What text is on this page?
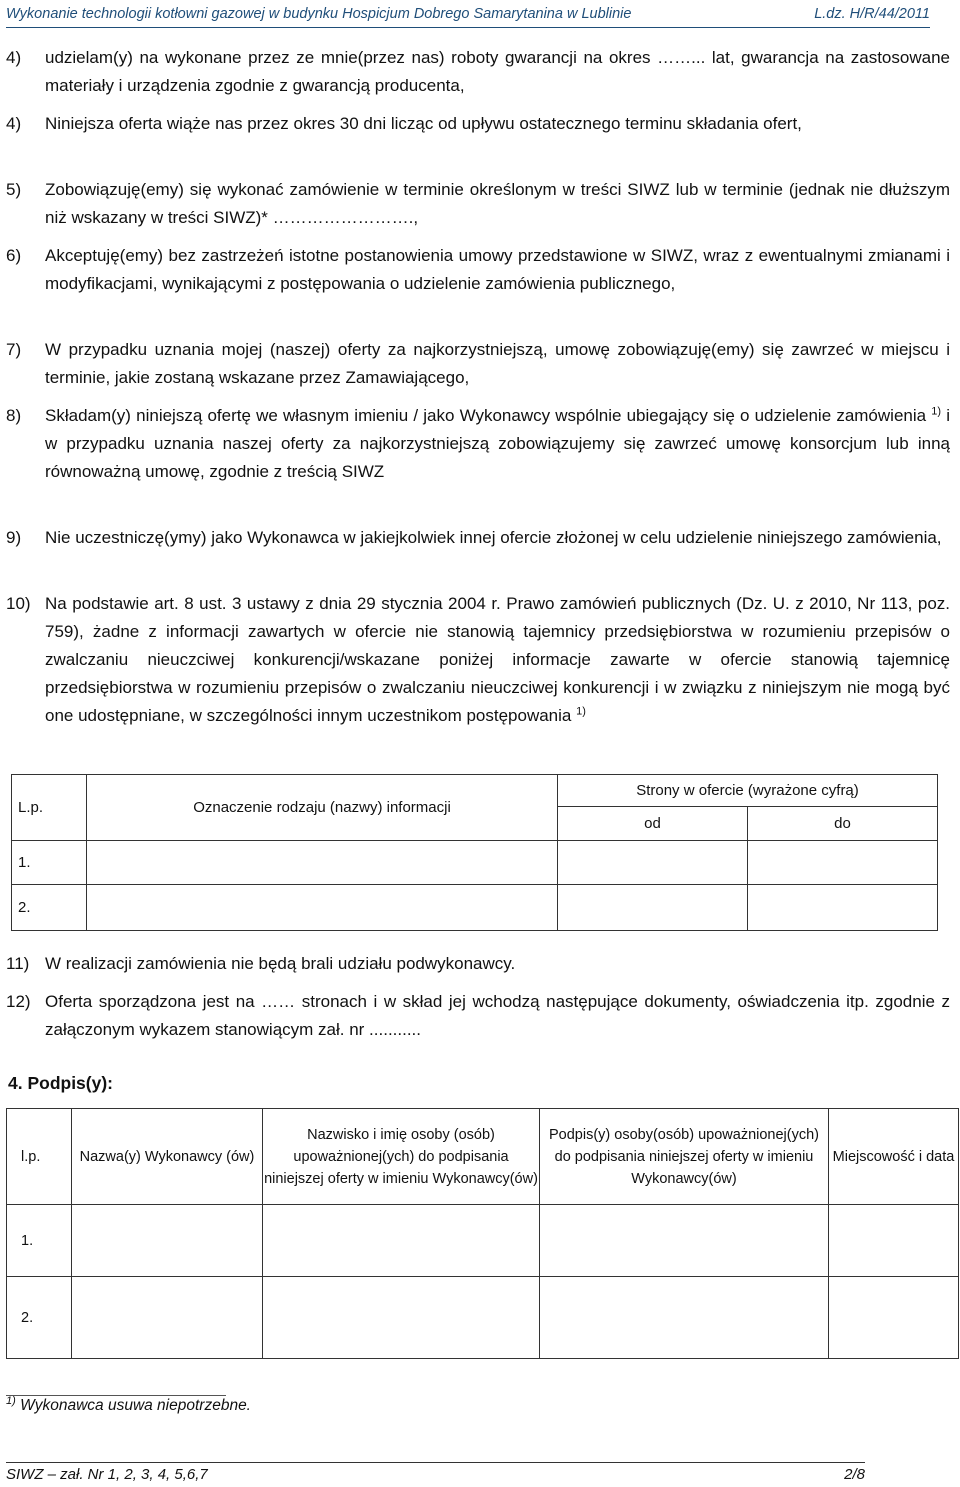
Wykonanie technologii kotłowni gazowej w budynku Hospicjum Dobrego Samarytanina w Lublinie	L.dz. H/R/44/2011
4)	udzielam(y) na wykonane przez ze mnie(przez nas) roboty gwarancji na okres ……... lat, gwarancja na zastosowane materiały i urządzenia zgodnie z gwarancją producenta,
4)	Niniejsza oferta wiąże nas przez okres 30 dni licząc od upływu ostatecznego terminu składania ofert,
5)	Zobowiązuję(emy) się wykonać zamówienie w terminie określonym w treści SIWZ lub w terminie (jednak nie dłuższym niż wskazany w treści SIWZ)* …………………….,
6)	Akceptuję(emy) bez zastrzeżeń istotne postanowienia umowy przedstawione w SIWZ, wraz z ewentualnymi zmianami i modyfikacjami, wynikającymi z postępowania o udzielenie zamówienia publicznego,
7)	W przypadku uznania mojej (naszej) oferty za najkorzystniejszą, umowę zobowiązuję(emy) się zawrzeć w miejscu i terminie, jakie zostaną wskazane przez Zamawiającego,
8)	Składam(y) niniejszą ofertę we własnym imieniu / jako Wykonawcy wspólnie ubiegający się o udzielenie zamówienia $^{1)}$ i w przypadku uznania naszej oferty za najkorzystniejszą zobowiązujemy się zawrzeć umowę konsorcjum lub inną równoważną umowę, zgodnie z treścią SIWZ
9)	Nie uczestniczę(ymy) jako Wykonawca w jakiejkolwiek innej ofercie złożonej w celu udzielenie niniejszego zamówienia,
10) Na podstawie art. 8 ust. 3 ustawy z dnia 29 stycznia 2004 r. Prawo zamówień publicznych (Dz. U. z 2010, Nr 113, poz. 759), żadne z informacji zawartych w ofercie nie stanowią tajemnicy przedsiębiorstwa w rozumieniu przepisów o zwalczaniu nieuczciwej konkurencji/wskazane poniżej informacje zawarte w ofercie stanowią tajemnicę przedsiębiorstwa w rozumieniu przepisów o zwalczaniu nieuczciwej konkurencji i w związku z niniejszym nie mogą być one udostępniane, w szczególności innym uczestnikom postępowania $^{1)}$
L.p.	Oznaczenie rodzaju (nazwy) informacji	Strony w ofercie (wyrażone cyfrą)	
		od	do
1.			
2.			
11) W realizacji zamówienia nie będą brali udziału podwykonawcy.
12) Oferta sporządzona jest na …… stronach i w skład jej wchodzą następujące dokumenty, oświadczenia itp. zgodnie z załączonym wykazem stanowiącym zał. nr ...........
4. Podpis(y):
l.p.	Nazwa(y) Wykonawcy (ów)	Nazwisko i imię osoby (osób) upoważnionej(ych) do podpisania niniejszej oferty w imieniu Wykonawcy(ów)	Podpis(y) osoby(osób) upoważnionej(ych) do podpisania niniejszej oferty w imieniu Wykonawcy(ów)	Miejscowość i data
1.				
2.				
$^{1)}$ Wykonawca usuwa niepotrzebne.
SIWZ – zał. Nr 1, 2, 3, 4, 5,6,7	2/8
